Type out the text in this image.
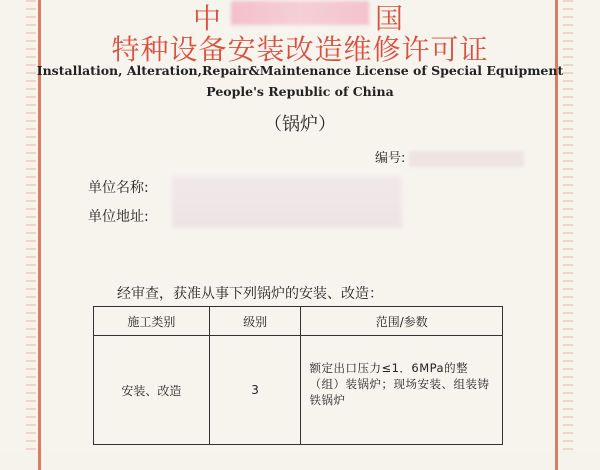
中	国
特种设备安装改造维修许可证
Installation, Alteration,Repair&Maintenance License of Special Equipment
People's Republic of China
（锅炉）
编号:
单位名称:
单位地址:
经审查，获准从事下列锅炉的安装、改造：
施工类别	级别	范围/参数
安装、改造	3	额定出口压力≤1．6MPa的整（组）装锅炉；现场安装、组装铸铁锅炉
